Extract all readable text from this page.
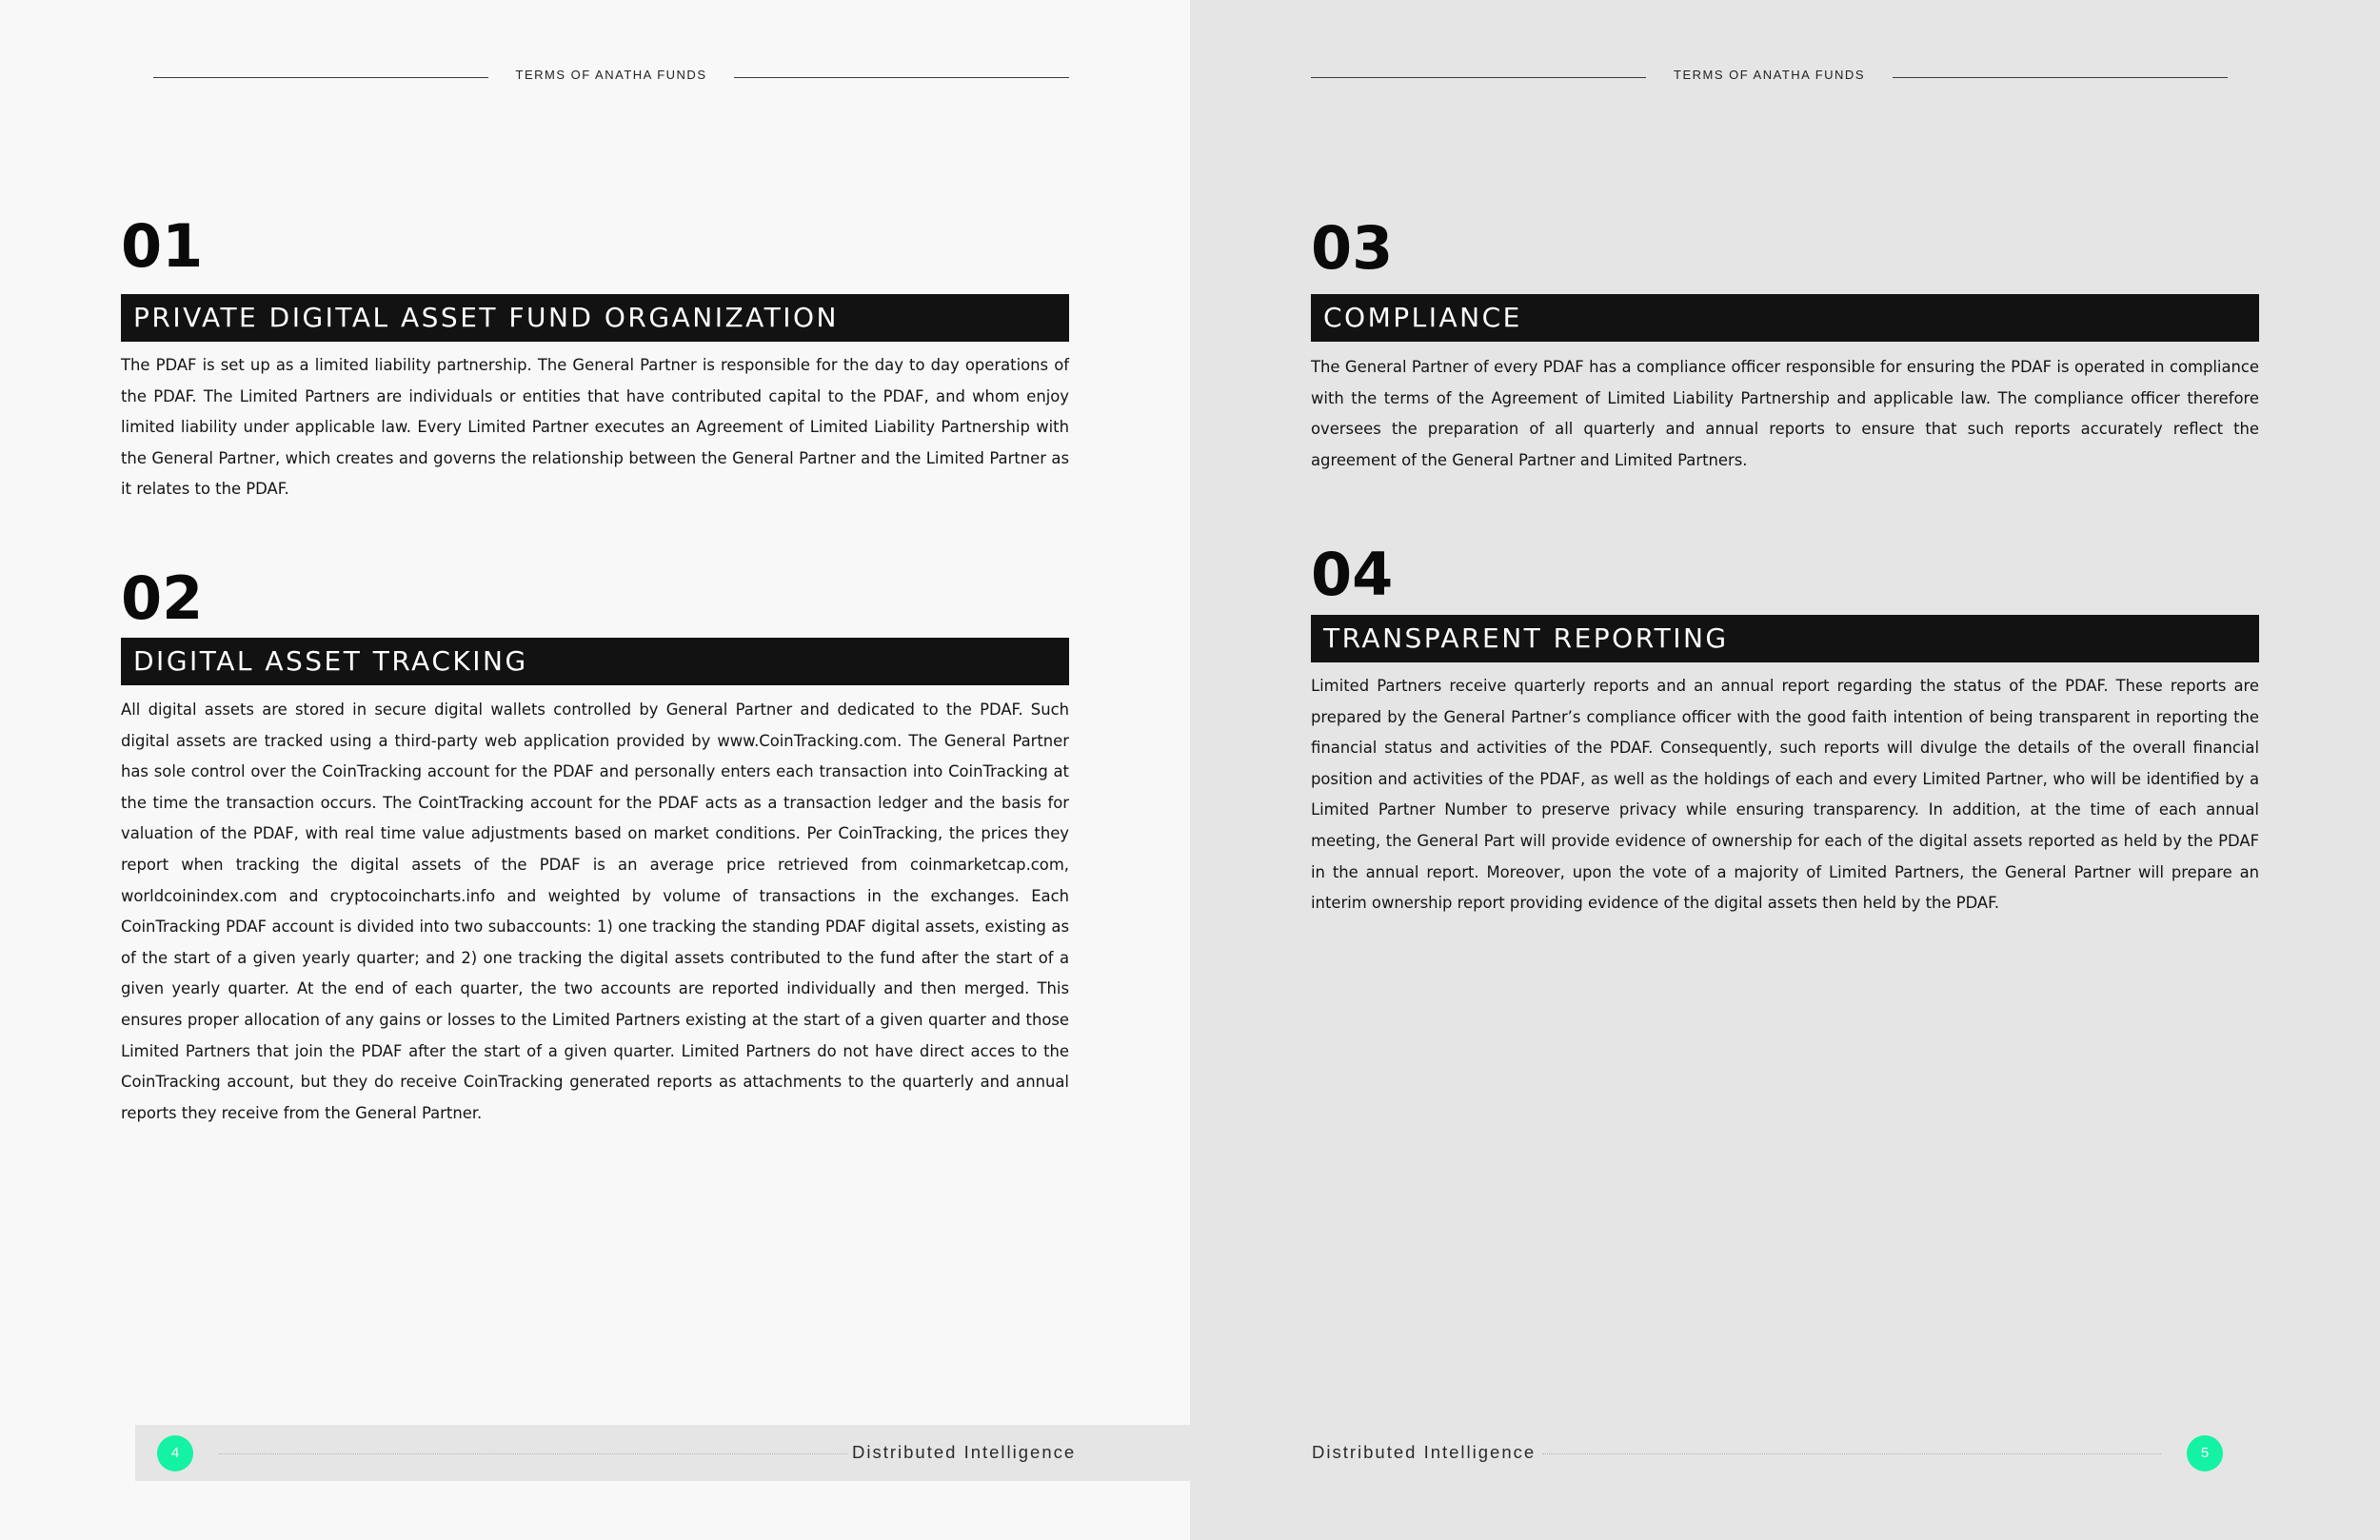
TERMS OF ANATHA FUNDS
01
PRIVATE DIGITAL ASSET FUND ORGANIZATION

The PDAF is set up as a limited liability partnership. The General Partner is responsible for the day to day operations of the PDAF. The Limited Partners are individuals or entities that have contributed capital to the PDAF, and whom enjoy limited liability under applicable law. Every Limited Partner executes an Agreement of Limited Liability Partnership with the General Partner, which creates and governs the relationship between the General Partner and the Limited Partner as it relates to the PDAF.

02
DIGITAL ASSET TRACKING

All digital assets are stored in secure digital wallets controlled by General Partner and dedicated to the PDAF. Such digital assets are tracked using a third-party web application provided by www.CoinTracking.com. The General Partner has sole control over the CoinTracking account for the PDAF and personally enters each transaction into CoinTracking at the time the transaction occurs. The CointTracking account for the PDAF acts as a transaction ledger and the basis for valuation of the PDAF, with real time value adjustments based on market conditions. Per CoinTracking, the prices they report when tracking the digital assets of the PDAF is an average price retrieved from coinmarketcap.com, worldcoinindex.com and cryptocoincharts.info and weighted by volume of transactions in the exchanges. Each CoinTracking PDAF account is divided into two subaccounts: 1) one tracking the standing PDAF digital assets, existing as of the start of a given yearly quarter; and 2) one tracking the digital assets contributed to the fund after the start of a given yearly quarter. At the end of each quarter, the two accounts are reported individually and then merged. This ensures proper allocation of any gains or losses to the Limited Partners existing at the start of a given quarter and those Limited Partners that join the PDAF after the start of a given quarter. Limited Partners do not have direct acces to the CoinTracking account, but they do receive CoinTracking generated reports as attachments to the quarterly and annual reports they receive from the General Partner.

4	Distributed Intelligence
TERMS OF ANATHA FUNDS
03
COMPLIANCE

The General Partner of every PDAF has a compliance officer responsible for ensuring the PDAF is operated in compliance with the terms of the Agreement of Limited Liability Partnership and applicable law. The compliance officer therefore oversees the preparation of all quarterly and annual reports to ensure that such reports accurately reflect the agreement of the General Partner and Limited Partners.

04
TRANSPARENT REPORTING

Limited Partners receive quarterly reports and an annual report regarding the status of the PDAF. These reports are prepared by the General Partner’s compliance officer with the good faith intention of being transparent in reporting the financial status and activities of the PDAF. Consequently, such reports will divulge the details of the overall financial position and activities of the PDAF, as well as the holdings of each and every Limited Partner, who will be identified by a Limited Partner Number to preserve privacy while ensuring transparency. In addition, at the time of each annual meeting, the General Part will provide evidence of ownership for each of the digital assets reported as held by the PDAF in the annual report. Moreover, upon the vote of a majority of Limited Partners, the General Partner will prepare an interim ownership report providing evidence of the digital assets then held by the PDAF.

Distributed Intelligence	5
